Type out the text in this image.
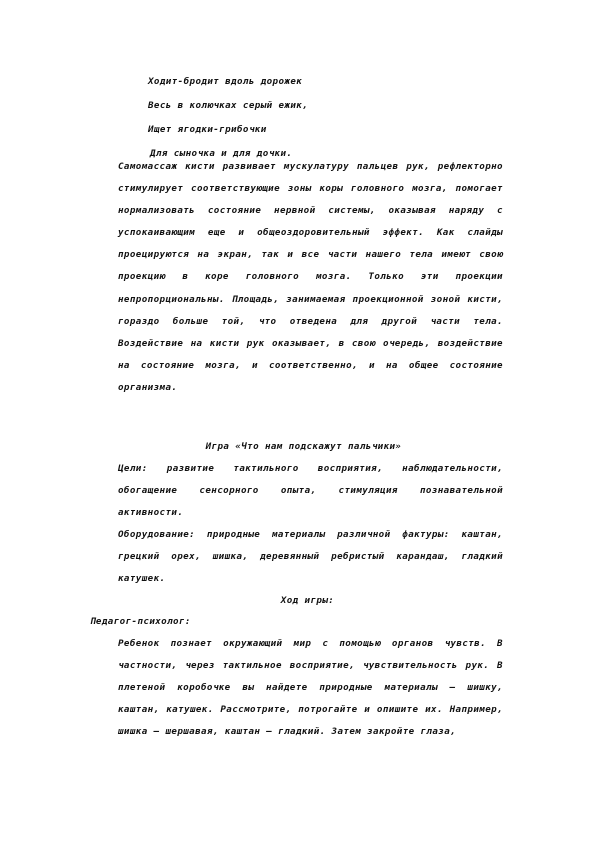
Ходит-бродит вдоль дорожек
Весь в колючках серый ежик,
Ищет ягодки-грибочки
Для сыночка и для дочки.

Самомассаж кисти развивает мускулатуру пальцев рук, рефлекторно стимулирует соответствующие зоны коры головного мозга, помогает нормализовать состояние нервной системы, оказывая наряду с успокаивающим еще и общеоздоровительный эффект. Как слайды проецируются на экран, так и все части нашего тела имеют свою проекцию в коре головного мозга. Только эти проекции непропорциональны. Площадь, занимаемая проекционной зоной кисти, гораздо больше той, что отведена для другой части тела. Воздействие на кисти рук оказывает, в свою очередь, воздействие на состояние мозга, и соответственно, и на общее состояние организма.

Игра «Что нам подскажут пальчики»

Цели: развитие тактильного восприятия, наблюдательности, обогащение сенсорного опыта, стимуляция познавательной активности.

Оборудование: природные материалы различной фактуры: каштан, грецкий орех, шишка, деревянный ребристый карандаш, гладкий катушек.

Ход игры:
Педагог-психолог:

Ребенок познает окружающий мир с помощью органов чувств. В частности, через тактильное восприятие, чувствительность рук. В плетеной коробочке вы найдете природные материалы – шишку, каштан, катушек. Рассмотрите, потрогайте и опишите их. Например, шишка – шершавая, каштан – гладкий. Затем закройте глаза,
